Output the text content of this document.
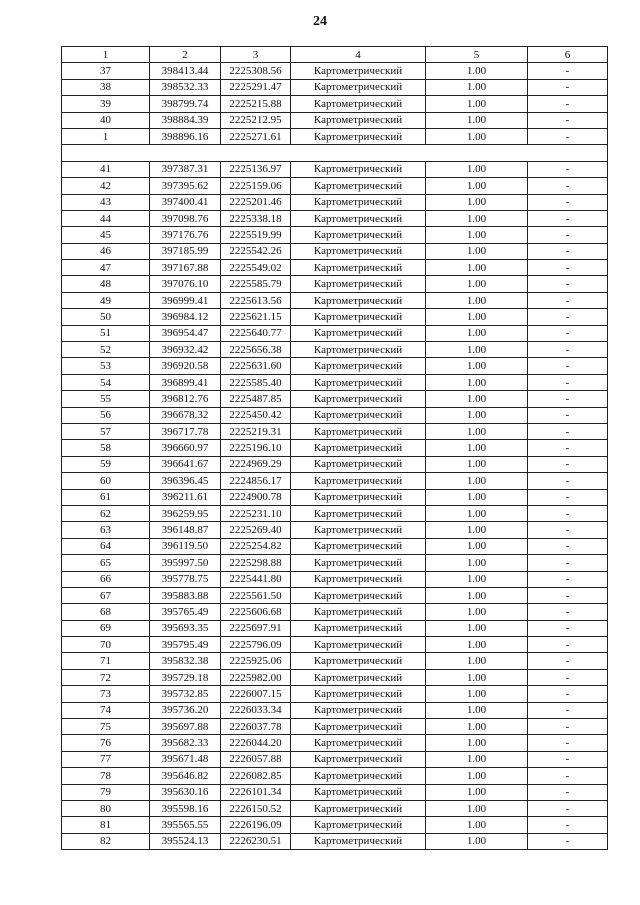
24
1	2	3	4	5	6
37	398413.44	2225308.56	Картометрический	1.00	-
38	398532.33	2225291.47	Картометрический	1.00	-
39	398799.74	2225215.88	Картометрический	1.00	-
40	398884.39	2225212.95	Картометрический	1.00	-
1	398896.16	2225271.61	Картометрический	1.00	-

41	397387.31	2225136.97	Картометрический	1.00	-
42	397395.62	2225159.06	Картометрический	1.00	-
43	397400.41	2225201.46	Картометрический	1.00	-
44	397098.76	2225338.18	Картометрический	1.00	-
45	397176.76	2225519.99	Картометрический	1.00	-
46	397185.99	2225542.26	Картометрический	1.00	-
47	397167.88	2225549.02	Картометрический	1.00	-
48	397076.10	2225585.79	Картометрический	1.00	-
49	396999.41	2225613.56	Картометрический	1.00	-
50	396984.12	2225621.15	Картометрический	1.00	-
51	396954.47	2225640.77	Картометрический	1.00	-
52	396932.42	2225656.38	Картометрический	1.00	-
53	396920.58	2225631.60	Картометрический	1.00	-
54	396899.41	2225585.40	Картометрический	1.00	-
55	396812.76	2225487.85	Картометрический	1.00	-
56	396678.32	2225450.42	Картометрический	1.00	-
57	396717.78	2225219.31	Картометрический	1.00	-
58	396660.97	2225196.10	Картометрический	1.00	-
59	396641.67	2224969.29	Картометрический	1.00	-
60	396396.45	2224856.17	Картометрический	1.00	-
61	396211.61	2224900.78	Картометрический	1.00	-
62	396259.95	2225231.10	Картометрический	1.00	-
63	396148.87	2225269.40	Картометрический	1.00	-
64	396119.50	2225254.82	Картометрический	1.00	-
65	395997.50	2225298.88	Картометрический	1.00	-
66	395778.75	2225441.80	Картометрический	1.00	-
67	395883.88	2225561.50	Картометрический	1.00	-
68	395765.49	2225606.68	Картометрический	1.00	-
69	395693.35	2225697.91	Картометрический	1.00	-
70	395795.49	2225796.09	Картометрический	1.00	-
71	395832.38	2225925.06	Картометрический	1.00	-
72	395729.18	2225982.00	Картометрический	1.00	-
73	395732.85	2226007.15	Картометрический	1.00	-
74	395736.20	2226033.34	Картометрический	1.00	-
75	395697.88	2226037.78	Картометрический	1.00	-
76	395682.33	2226044.20	Картометрический	1.00	-
77	395671.48	2226057.88	Картометрический	1.00	-
78	395646.82	2226082.85	Картометрический	1.00	-
79	395630.16	2226101.34	Картометрический	1.00	-
80	395598.16	2226150.52	Картометрический	1.00	-
81	395565.55	2226196.09	Картометрический	1.00	-
82	395524.13	2226230.51	Картометрический	1.00	-
